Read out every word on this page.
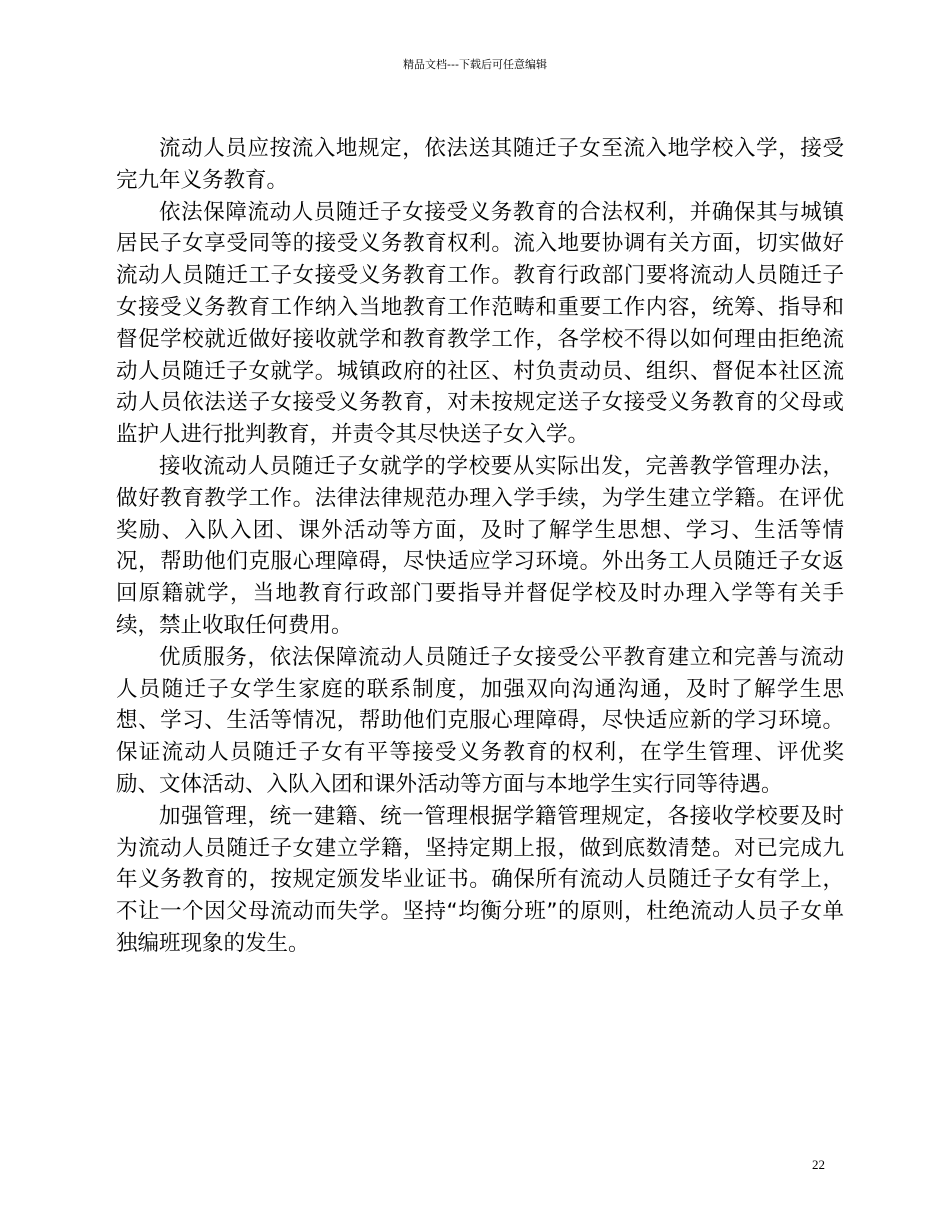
精品文档---下载后可任意编辑

流动人员应按流入地规定，依法送其随迁子女至流入地学校入学，接受完九年义务教育。

依法保障流动人员随迁子女接受义务教育的合法权利，并确保其与城镇居民子女享受同等的接受义务教育权利。流入地要协调有关方面，切实做好流动人员随迁工子女接受义务教育工作。教育行政部门要将流动人员随迁子女接受义务教育工作纳入当地教育工作范畴和重要工作内容，统筹、指导和督促学校就近做好接收就学和教育教学工作，各学校不得以如何理由拒绝流动人员随迁子女就学。城镇政府的社区、村负责动员、组织、督促本社区流动人员依法送子女接受义务教育，对未按规定送子女接受义务教育的父母或监护人进行批判教育，并责令其尽快送子女入学。

接收流动人员随迁子女就学的学校要从实际出发，完善教学管理办法，做好教育教学工作。法律法律规范办理入学手续，为学生建立学籍。在评优奖励、入队入团、课外活动等方面，及时了解学生思想、学习、生活等情况，帮助他们克服心理障碍，尽快适应学习环境。外出务工人员随迁子女返回原籍就学，当地教育行政部门要指导并督促学校及时办理入学等有关手续，禁止收取任何费用。

优质服务，依法保障流动人员随迁子女接受公平教育建立和完善与流动人员随迁子女学生家庭的联系制度，加强双向沟通沟通，及时了解学生思想、学习、生活等情况，帮助他们克服心理障碍，尽快适应新的学习环境。保证流动人员随迁子女有平等接受义务教育的权利，在学生管理、评优奖励、文体活动、入队入团和课外活动等方面与本地学生实行同等待遇。

加强管理，统一建籍、统一管理根据学籍管理规定，各接收学校要及时为流动人员随迁子女建立学籍，坚持定期上报，做到底数清楚。对已完成九年义务教育的，按规定颁发毕业证书。确保所有流动人员随迁子女有学上，不让一个因父母流动而失学。坚持“均衡分班”的原则，杜绝流动人员子女单独编班现象的发生。

22
